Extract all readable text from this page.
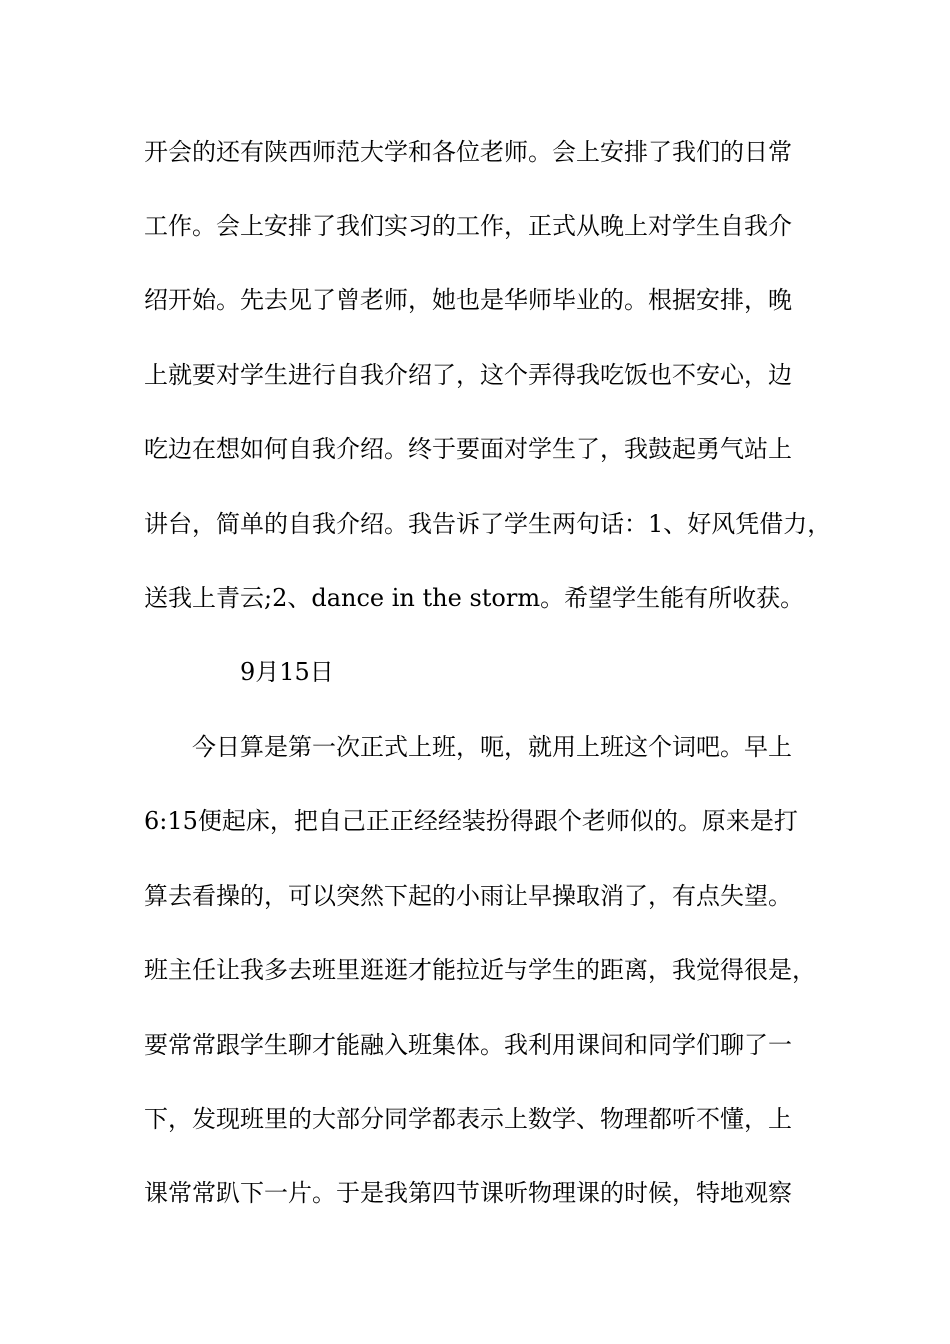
开会的还有陕西师范大学和各位老师。会上安排了我们的日常
工作。会上安排了我们实习的工作，正式从晚上对学生自我介
绍开始。先去见了曾老师，她也是华师毕业的。根据安排，晚
上就要对学生进行自我介绍了，这个弄得我吃饭也不安心，边
吃边在想如何自我介绍。终于要面对学生了，我鼓起勇气站上
讲台，简单的自我介绍。我告诉了学生两句话：1、好风凭借力，
送我上青云;2、dance in the storm。希望学生能有所收获。
9月15日
今日算是第一次正式上班，呃，就用上班这个词吧。早上
6:15便起床，把自己正正经经装扮得跟个老师似的。原来是打
算去看操的，可以突然下起的小雨让早操取消了，有点失望。
班主任让我多去班里逛逛才能拉近与学生的距离，我觉得很是，
要常常跟学生聊才能融入班集体。我利用课间和同学们聊了一
下，发现班里的大部分同学都表示上数学、物理都听不懂，上
课常常趴下一片。于是我第四节课听物理课的时候，特地观察
